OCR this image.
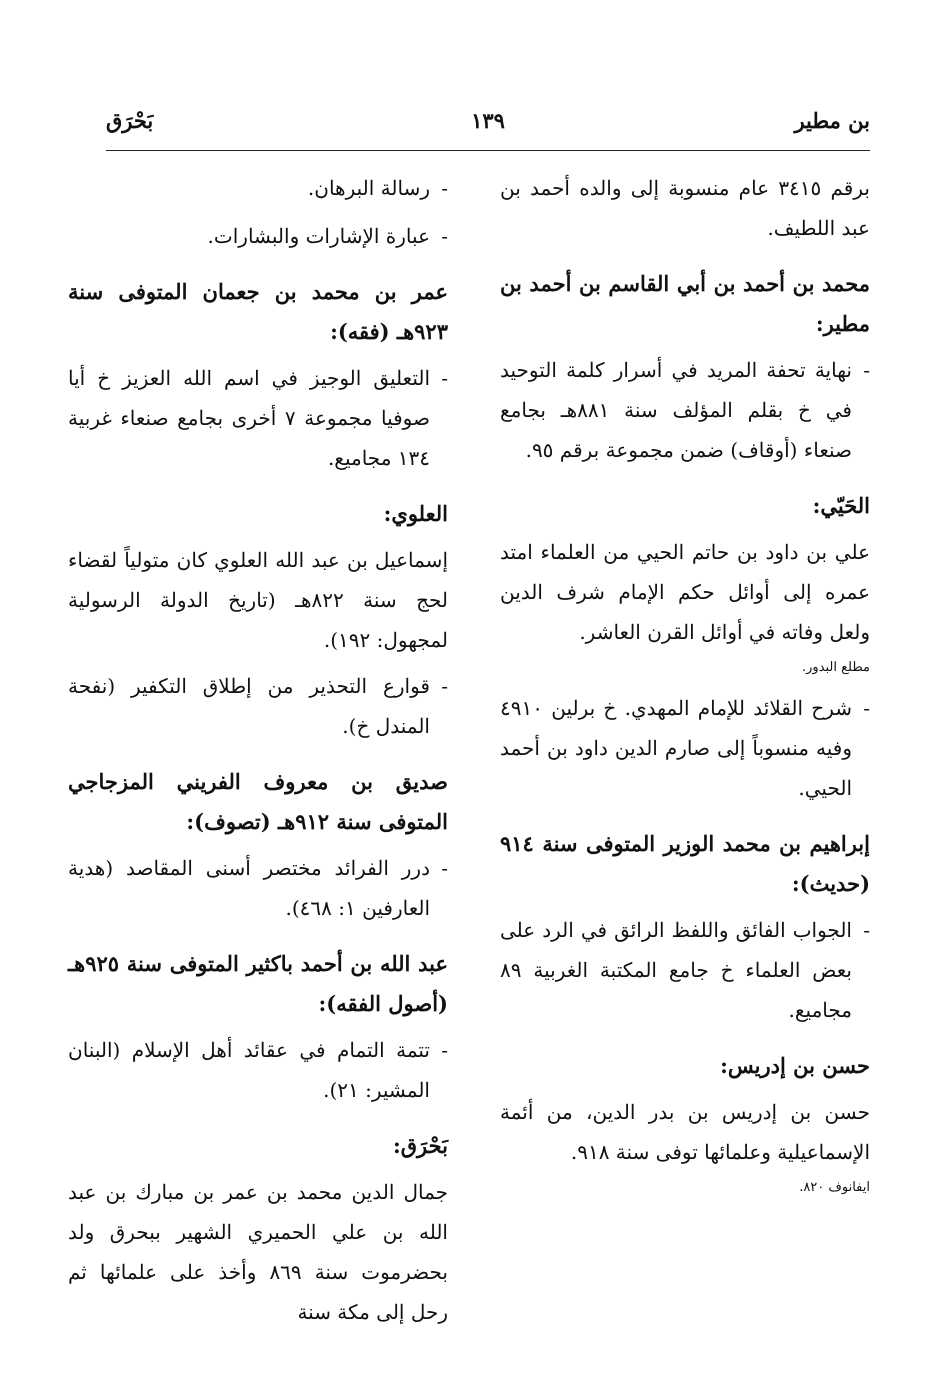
بن مطير
١٣٩
بَحْرَق

برقم ٣٤١٥ عام منسوبة إلى والده أحمد بن عبد اللطيف.

محمد بن أحمد بن أبي القاسم بن أحمد بن مطير:
- نهاية تحفة المريد في أسرار كلمة التوحيد في خ بقلم المؤلف سنة ٨٨١هـ بجامع صنعاء (أوقاف) ضمن مجموعة برقم ٩٥.
الحَيّي:

علي بن داود بن حاتم الحيي من العلماء امتد عمره إلى أوائل حكم الإمام شرف الدين ولعل وفاته في أوائل القرن العاشر.

مطلع البدور.
- شرح القلائد للإمام المهدي. خ برلين ٤٩١٠ وفيه منسوباً إلى صارم الدين داود بن أحمد الحيي.
إبراهيم بن محمد الوزير المتوفى سنة ٩١٤ (حديث):
- الجواب الفائق واللفظ الرائق في الرد على بعض العلماء خ جامع المكتبة الغربية ٨٩ مجاميع.
حسن بن إدريس:

حسن بن إدريس بن بدر الدين، من أئمة الإسماعيلية وعلمائها توفى سنة ٩١٨.

ايفانوف ٨٢٠.
- رسالة البرهان.
- عبارة الإشارات والبشارات.
عمر بن محمد بن جعمان المتوفى سنة ٩٢٣هـ (فقه):
- التعليق الوجيز في اسم الله العزيز خ أيا صوفيا مجموعة ٧ أخرى بجامع صنعاء غربية ١٣٤ مجاميع.
العلوي:

إسماعيل بن عبد الله العلوي كان متولياً لقضاء لحج سنة ٨٢٢هـ (تاريخ الدولة الرسولية لمجهول: ١٩٢).

- قوارع التحذير من إطلاق التكفير (نفحة المندل خ).
صديق بن معروف الفريني المزجاجي المتوفى سنة ٩١٢هـ (تصوف):
- درر الفرائد مختصر أسنى المقاصد (هدية العارفين ١: ٤٦٨).
عبد الله بن أحمد باكثير المتوفى سنة ٩٢٥هـ (أصول الفقه):
- تتمة التمام في عقائد أهل الإسلام (البنان المشير: ٢١).
بَحْرَق:

جمال الدين محمد بن عمر بن مبارك بن عبد الله بن علي الحميري الشهير ببحرق ولد بحضرموت سنة ٨٦٩ وأخذ على علمائها ثم رحل إلى مكة سنة
